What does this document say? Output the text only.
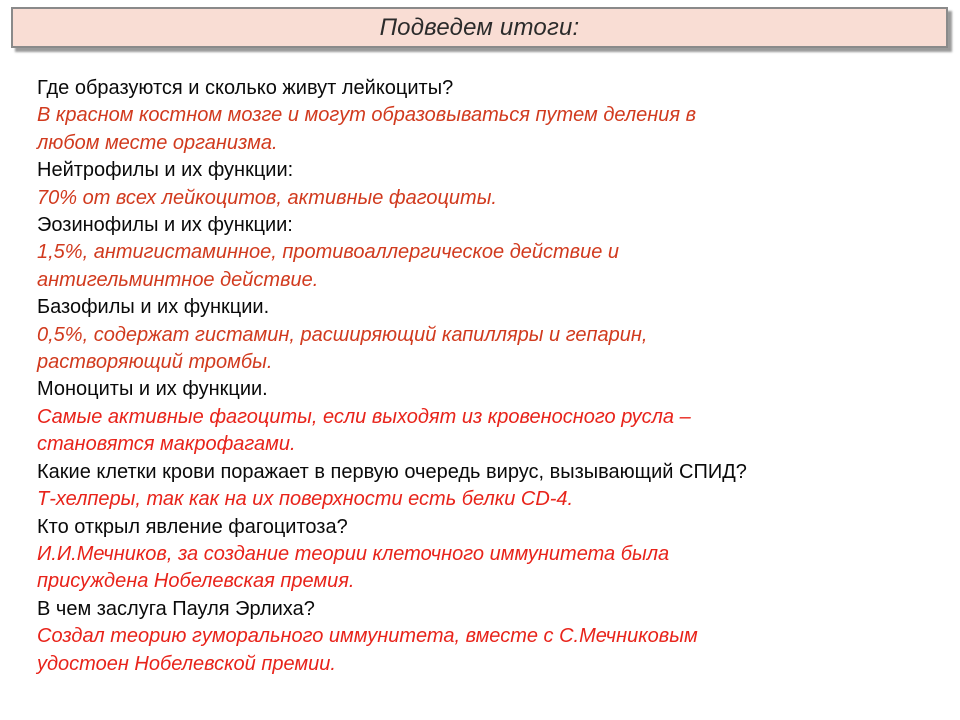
Подведем итоги:
Где образуются и сколько живут лейкоциты?
В красном костном мозге и могут образовываться путем деления в
любом месте организма.
Нейтрофилы и их функции:
70% от всех лейкоцитов, активные фагоциты.
Эозинофилы и их функции:
1,5%, антигистаминное, противоаллергическое действие и
антигельминтное действие.
Базофилы и их функции.
0,5%, содержат гистамин, расширяющий капилляры и гепарин,
растворяющий тромбы.
Моноциты и их функции.
Самые активные фагоциты, если выходят из кровеносного русла –
становятся макрофагами.
Какие клетки крови поражает в первую очередь вирус, вызывающий СПИД?
Т-хелперы, так как на их поверхности есть белки CD-4.
Кто открыл явление фагоцитоза?
И.И.Мечников, за создание теории клеточного иммунитета была
присуждена Нобелевская премия.
В чем заслуга Пауля Эрлиха?
Создал теорию гуморального иммунитета, вместе с С.Мечниковым
удостоен Нобелевской премии.
